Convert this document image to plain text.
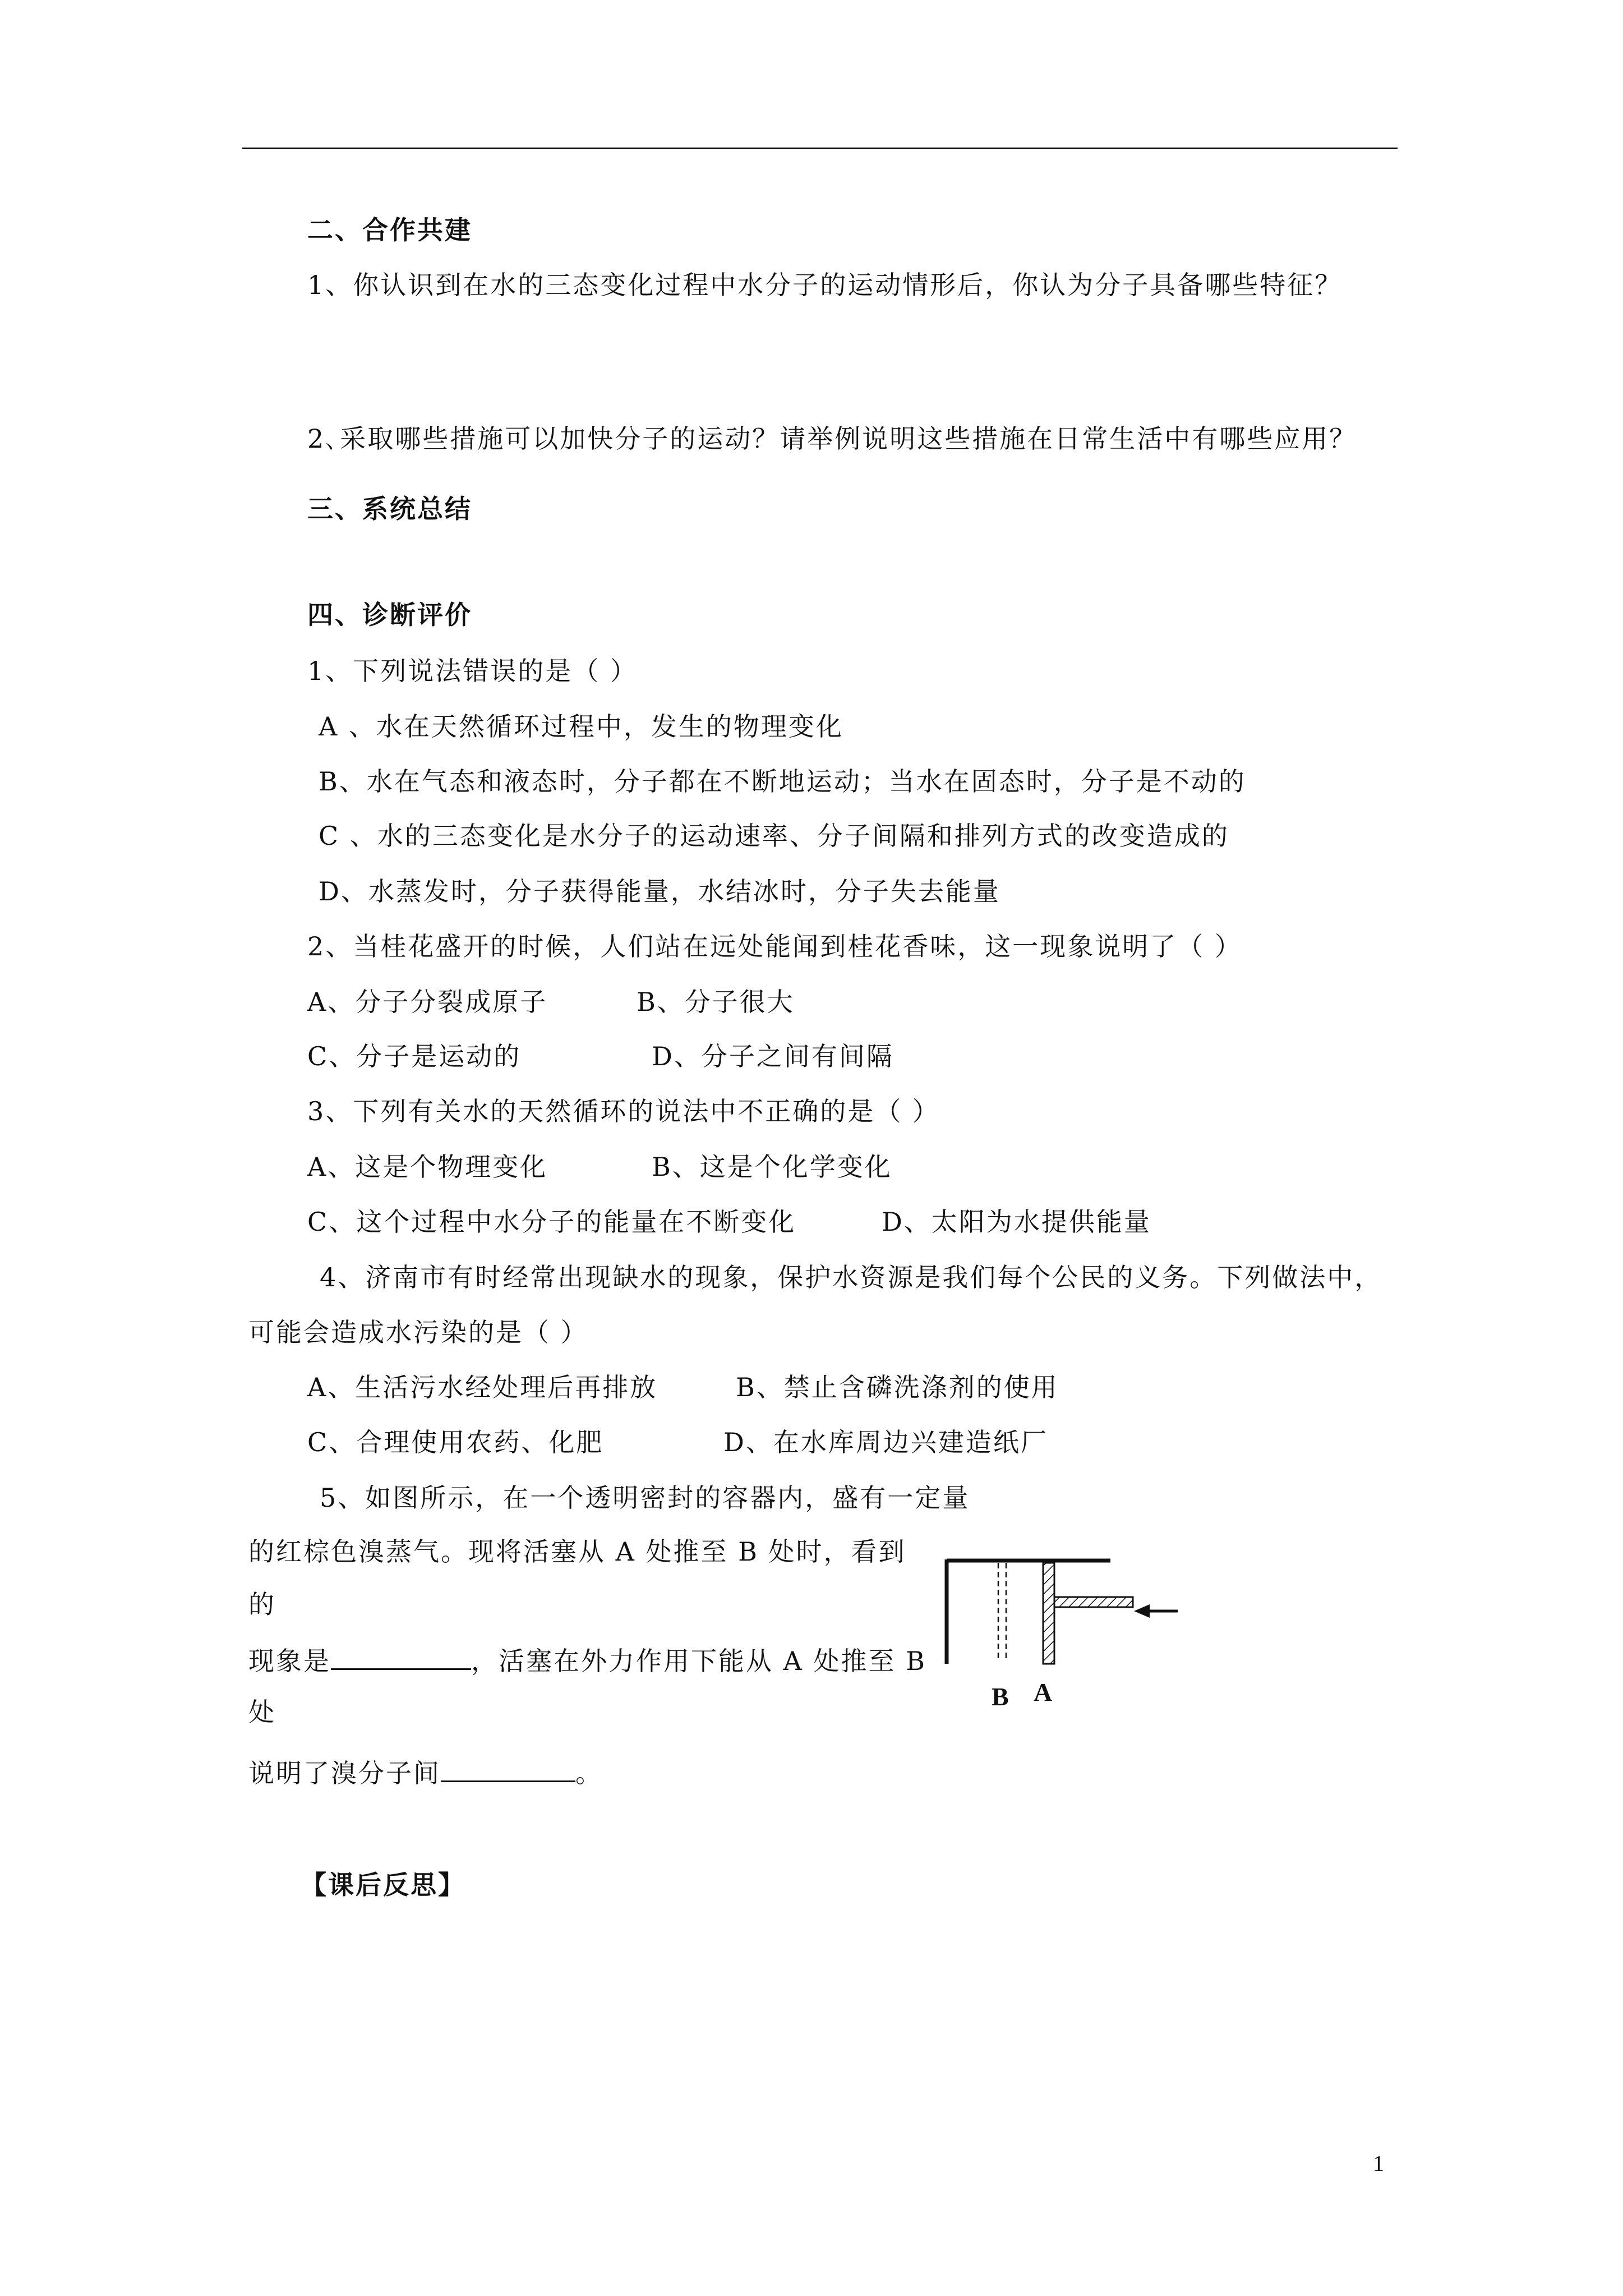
二、合作共建
1、你认识到在水的三态变化过程中水分子的运动情形后，你认为分子具备哪些特征？
2､采取哪些措施可以加快分子的运动？请举例说明这些措施在日常生活中有哪些应用？
三、系统总结
四、诊断评价
1、下列说法错误的是（ ）
A 、水在天然循环过程中，发生的物理变化
B、水在气态和液态时，分子都在不断地运动；当水在固态时，分子是不动的
C 、水的三态变化是水分子的运动速率、分子间隔和排列方式的改变造成的
D、水蒸发时，分子获得能量，水结冰时，分子失去能量
2、当桂花盛开的时候，人们站在远处能闻到桂花香味，这一现象说明了（ ）
A、分子分裂成原子	B、分子很大
C、分子是运动的	D、分子之间有间隔
3、下列有关水的天然循环的说法中不正确的是（ ）
A、这是个物理变化	B、这是个化学变化
C、这个过程中水分子的能量在不断变化	D、太阳为水提供能量
4、济南市有时经常出现缺水的现象，保护水资源是我们每个公民的义务。下列做法中，
可能会造成水污染的是（ ）
A、生活污水经处理后再排放	B、禁止含磷洗涤剂的使用
C、合理使用农药、化肥	D、在水库周边兴建造纸厂
5、如图所示，在一个透明密封的容器内，盛有一定量
的红棕色溴蒸气。现将活塞从 A 处推至 B 处时，看到
的
现象是	，活塞在外力作用下能从 A 处推至 B
处
说明了溴分子间	。
B A
【课后反思】
1
